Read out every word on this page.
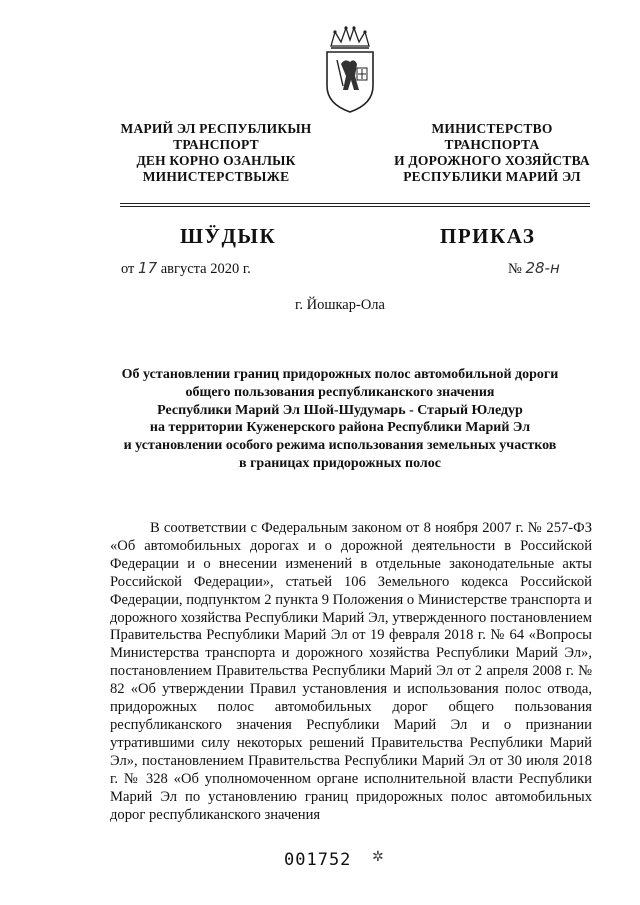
МАРИЙ ЭЛ РЕСПУБЛИКЫН
ТРАНСПОРТ
ДЕН КОРНО ОЗАНЛЫК
МИНИСТЕРСТВЫЖЕ
МИНИСТЕРСТВО
ТРАНСПОРТА
И ДОРОЖНОГО ХОЗЯЙСТВА
РЕСПУБЛИКИ МАРИЙ ЭЛ
ШӰДЫК	ПРИКАЗ
от 17 августа 2020 г.	№ 28-н
г. Йошкар-Ола
Об установлении границ придорожных полос автомобильной дороги
общего пользования республиканского значения
Республики Марий Эл Шой-Шудумарь - Старый Юледур
на территории Куженерского района Республики Марий Эл
и установлении особого режима использования земельных участков
в границах придорожных полос
В соответствии с Федеральным законом от 8 ноября 2007 г. № 257-ФЗ «Об автомобильных дорогах и о дорожной деятельности в Российской Федерации и о внесении изменений в отдельные законодательные акты Российской Федерации», статьей 106 Земельного кодекса Российской Федерации, подпунктом 2 пункта 9 Положения о Министерстве транспорта и дорожного хозяйства Республики Марий Эл, утвержденного постановлением Правительства Республики Марий Эл от 19 февраля 2018 г. № 64 «Вопросы Министерства транспорта и дорожного хозяйства Республики Марий Эл», постановлением Правительства Республики Марий Эл от 2 апреля 2008 г. № 82 «Об утверждении Правил установления и использования полос отвода, придорожных полос автомобильных дорог общего пользования республиканского значения Республики Марий Эл и о признании утратившими силу некоторых решений Правительства Республики Марий Эл», постановлением Правительства Республики Марий Эл от 30 июля 2018 г. № 328 «Об уполномоченном органе исполнительной власти Республики Марий Эл по установлению границ придорожных полос автомобильных дорог республиканского значения
001752 ✲
